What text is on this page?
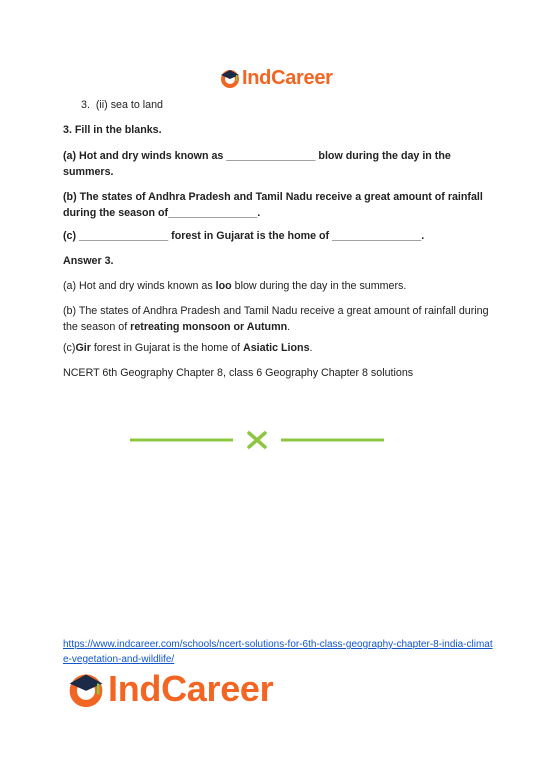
IndCareer

3. (ii) sea to land

3. Fill in the blanks.

(a) Hot and dry winds known as _______________ blow during the day in the summers.

(b) The states of Andhra Pradesh and Tamil Nadu receive a great amount of rainfall during the season of_______________.

(c) _______________ forest in Gujarat is the home of _______________.

Answer 3.

(a) Hot and dry winds known as loo blow during the day in the summers.

(b) The states of Andhra Pradesh and Tamil Nadu receive a great amount of rainfall during the season of retreating monsoon or Autumn.

(c)Gir forest in Gujarat is the home of Asiatic Lions.

NCERT 6th Geography Chapter 8, class 6 Geography Chapter 8 solutions

https://www.indcareer.com/schools/ncert-solutions-for-6th-class-geography-chapter-8-india-climate-vegetation-and-wildlife/
IndCareer
